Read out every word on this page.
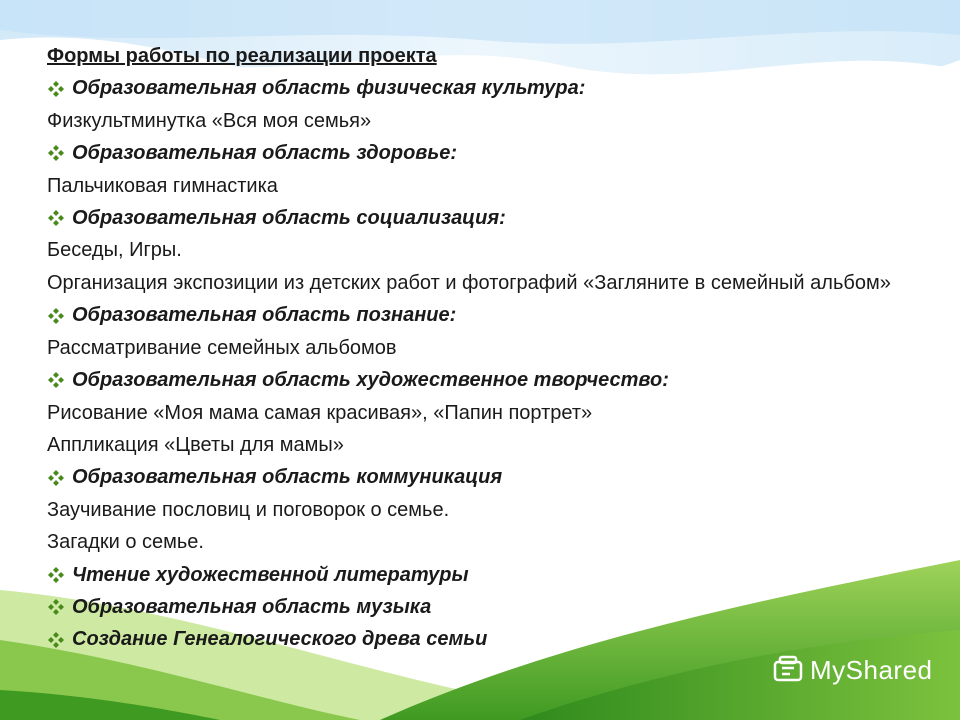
Формы работы по реализации проекта
Образовательная область физическая культура:
Физкультминутка «Вся моя семья»
Образовательная область здоровье:
Пальчиковая гимнастика
Образовательная область социализация:
Беседы, Игры.
Организация экспозиции из детских работ и фотографий «Загляните в семейный альбом»
Образовательная область познание:
Рассматривание семейных альбомов
Образовательная область художественное творчество:
Рисование «Моя мама самая красивая», «Папин портрет»
Аппликация «Цветы для мамы»
Образовательная область коммуникация
Заучивание пословиц и поговорок о семье.
Загадки о семье.
Чтение художественной литературы
Образовательная область музыка
Создание Генеалогического древа семьи
MyShared
